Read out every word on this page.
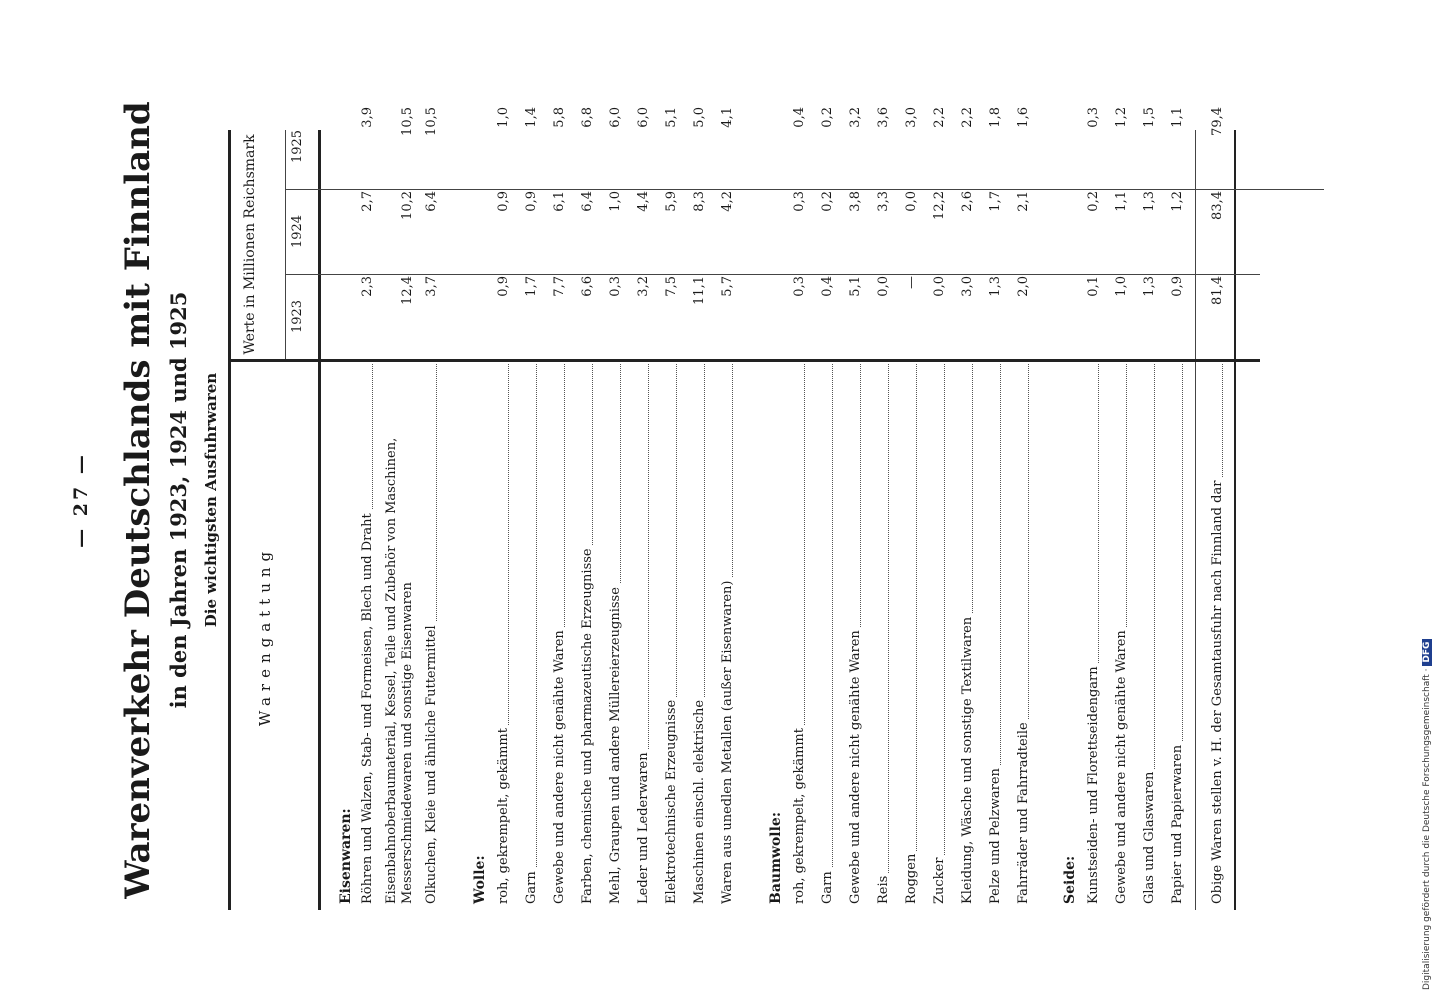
— 27 — Warenverkehr Deutschlands mit Finnland in den Jahren 1923, 1924 und 1925 Die wichtigsten Ausfuhrwaren
Warengattung
Werte in Millionen Reichsmark 1923
1924
1925
Eisenwaren: Röhren und Walzen, Stab- und Formeisen, Blech und Draht
2,3
2,7
3,9
Eisenbahnoberbaumaterial, Kessel, Teile und Zubehör von Maschinen, Messerschmiedewaren und sonstige Eisenwaren
12,4
10,2
10,5
Ölkuchen, Kleie und ähnliche Futtermittel
3,7
6,4
10,5
Wolle: roh, gekrempelt, gekämmt
0,9
0,9
1,0
Garn
1,7
0,9
1,4
Gewebe und andere nicht genähte Waren
7,7
6,1
5,8
Farben, chemische und pharmazeutische Erzeugnisse
6,6
6,4
6,8
Mehl, Graupen und andere Müllereierzeugnisse
0,3
1,0
6,0
Leder und Lederwaren
3,2
4,4
6,0
Elektrotechnische Erzeugnisse
7,5
5,9
5,1
Maschinen einschl. elektrische
11,1
8,3
5,0
Waren aus unedlen Metallen (außer Eisenwaren)
5,7
4,2
4,1
Baumwolle: roh, gekrempelt, gekämmt
0,3
0,3
0,4
Garn
0,4
0,2
0,2
Gewebe und andere nicht genähte Waren
5,1
3,8
3,2
Reis
0,0
3,3
3,6
Roggen
—
0,0
3,0
Zucker
0,0
12,2
2,2
Kleidung, Wäsche und sonstige Textilwaren
3,0
2,6
2,2
Pelze und Pelzwaren
1,3
1,7
1,8
Fahrräder und Fahrradteile
2,0
2,1
1,6
Seide: Kunstseiden- und Florettseidengarn
0,1
0,2
0,3
Gewebe und andere nicht genähte Waren
1,0
1,1
1,2
Glas und Glaswaren
1,3
1,3
1,5
Papier und Papierwaren
0,9
1,2
1,1
Obige Waren stellen v. H. der Gesamtausfuhr nach Finnland dar
81,4
83,4
79,4
Digitalisierung gefördert durch die Deutsche Forschungsgemeinschaft · DFG
